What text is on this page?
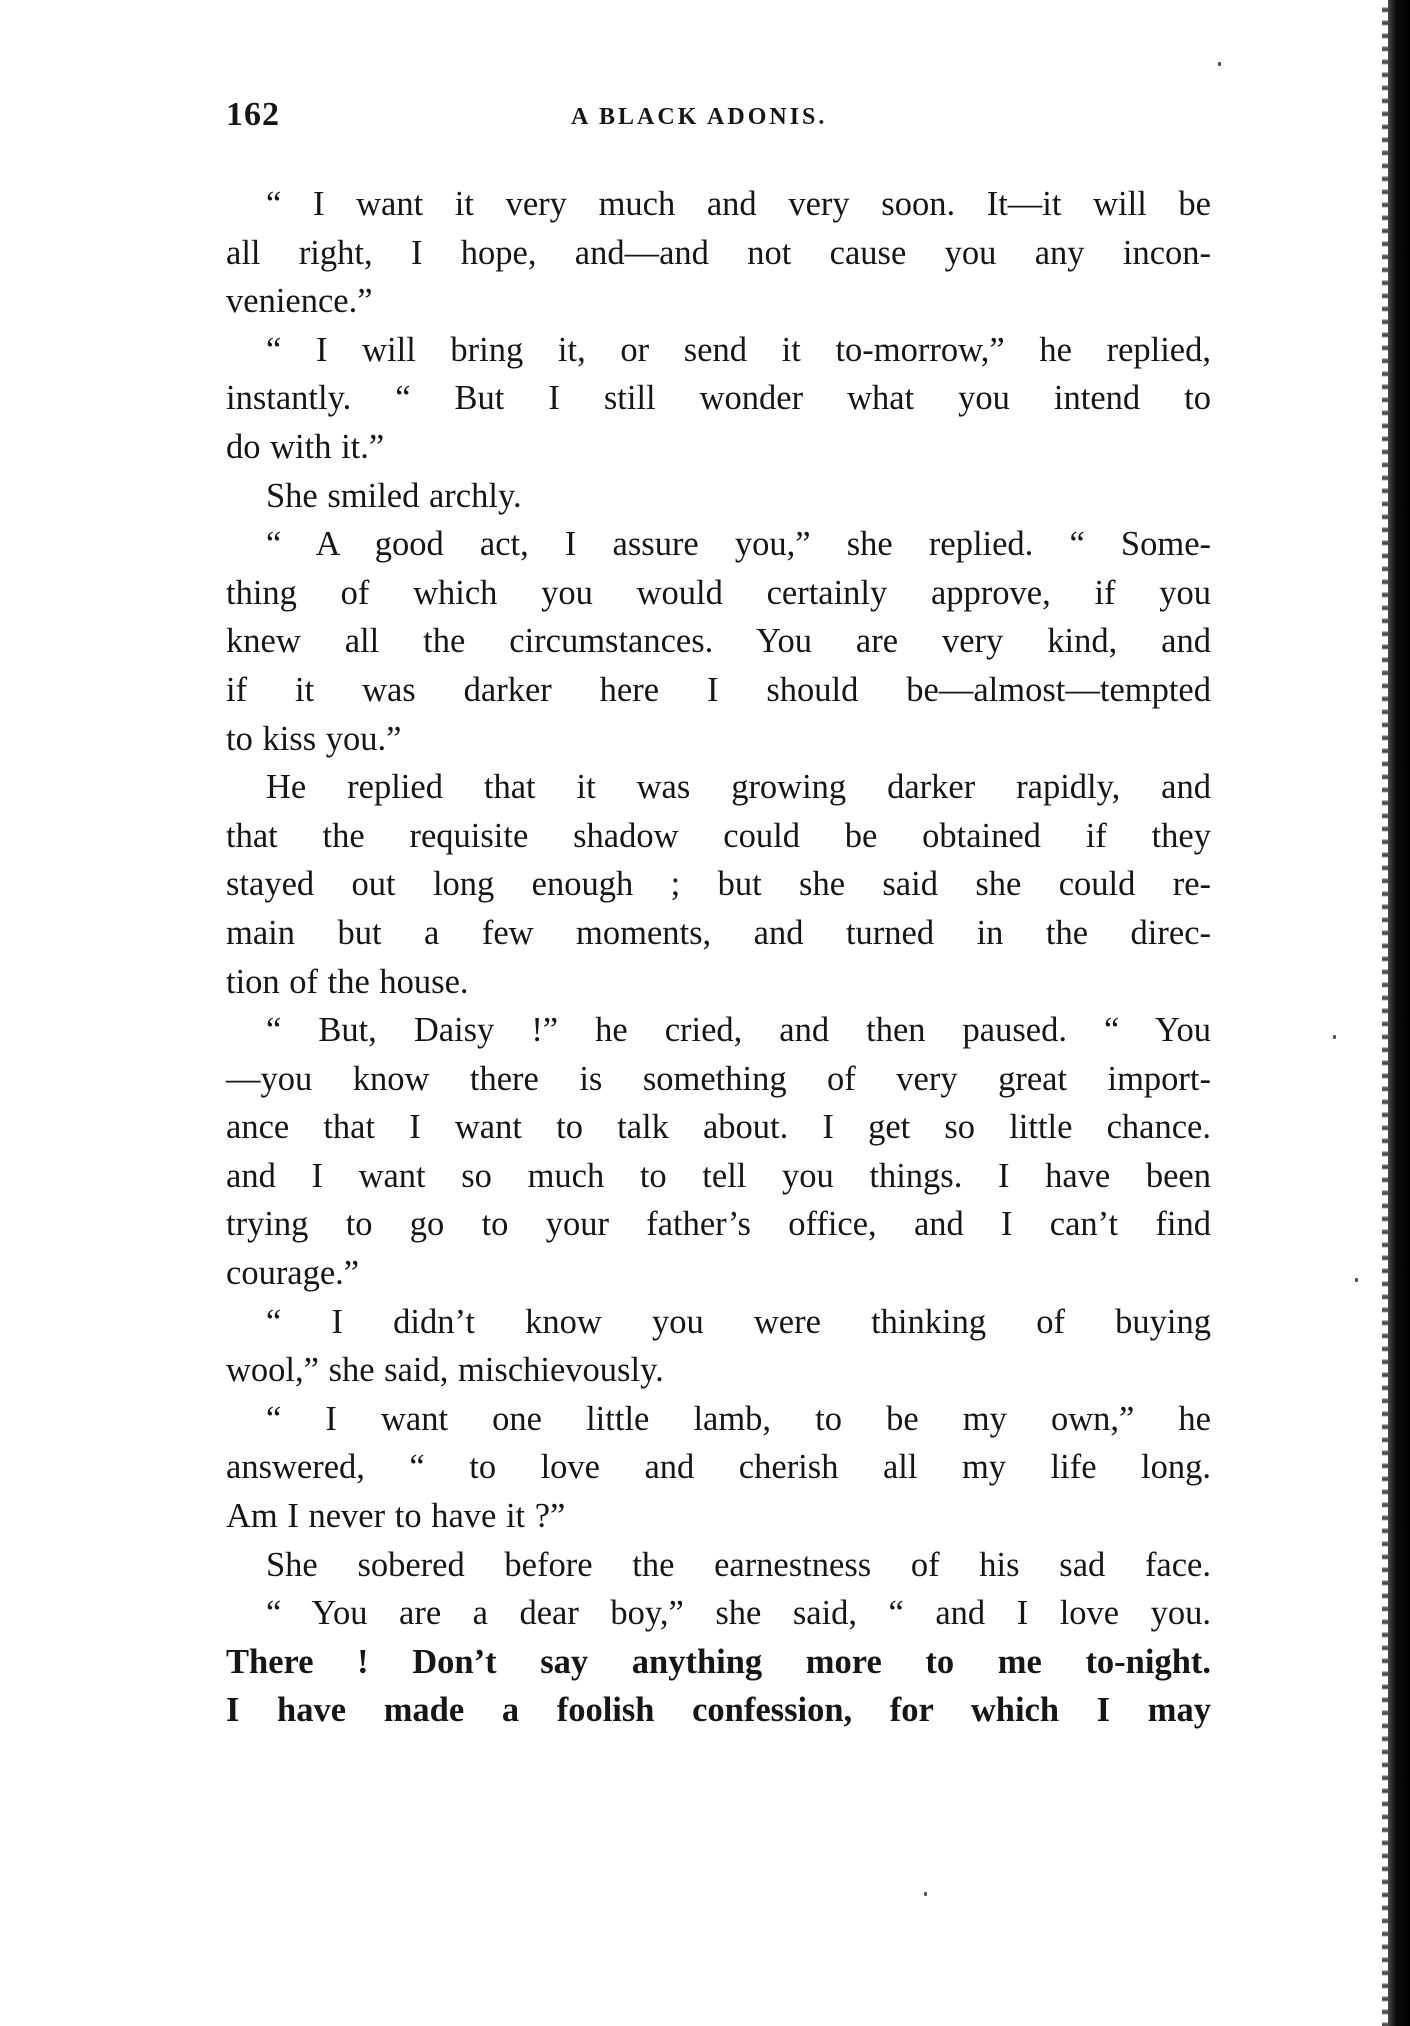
162	A BLACK ADONIS.
“ I want it very much and very soon. It—it will be
all right, I hope, and—and not cause you any incon-
venience.”
“ I will bring it, or send it to-morrow,” he replied,
instantly. “ But I still wonder what you intend to
do with it.”
She smiled archly.
“ A good act, I assure you,” she replied. “ Some-
thing of which you would certainly approve, if you
knew all the circumstances. You are very kind, and
if it was darker here I should be—almost—tempted
to kiss you.”
He replied that it was growing darker rapidly, and
that the requisite shadow could be obtained if they
stayed out long enough ; but she said she could re-
main but a few moments, and turned in the direc-
tion of the house.
“ But, Daisy !” he cried, and then paused. “ You
—you know there is something of very great import-
ance that I want to talk about. I get so little chance.
and I want so much to tell you things. I have been
trying to go to your father’s office, and I can’t find
courage.”
“ I didn’t know you were thinking of buying
wool,” she said, mischievously.
“ I want one little lamb, to be my own,” he
answered, “ to love and cherish all my life long.
Am I never to have it ?”
She sobered before the earnestness of his sad face.
“ You are a dear boy,” she said, “ and I love you.
There ! Don’t say anything more to me to-night.
I have made a foolish confession, for which I may
